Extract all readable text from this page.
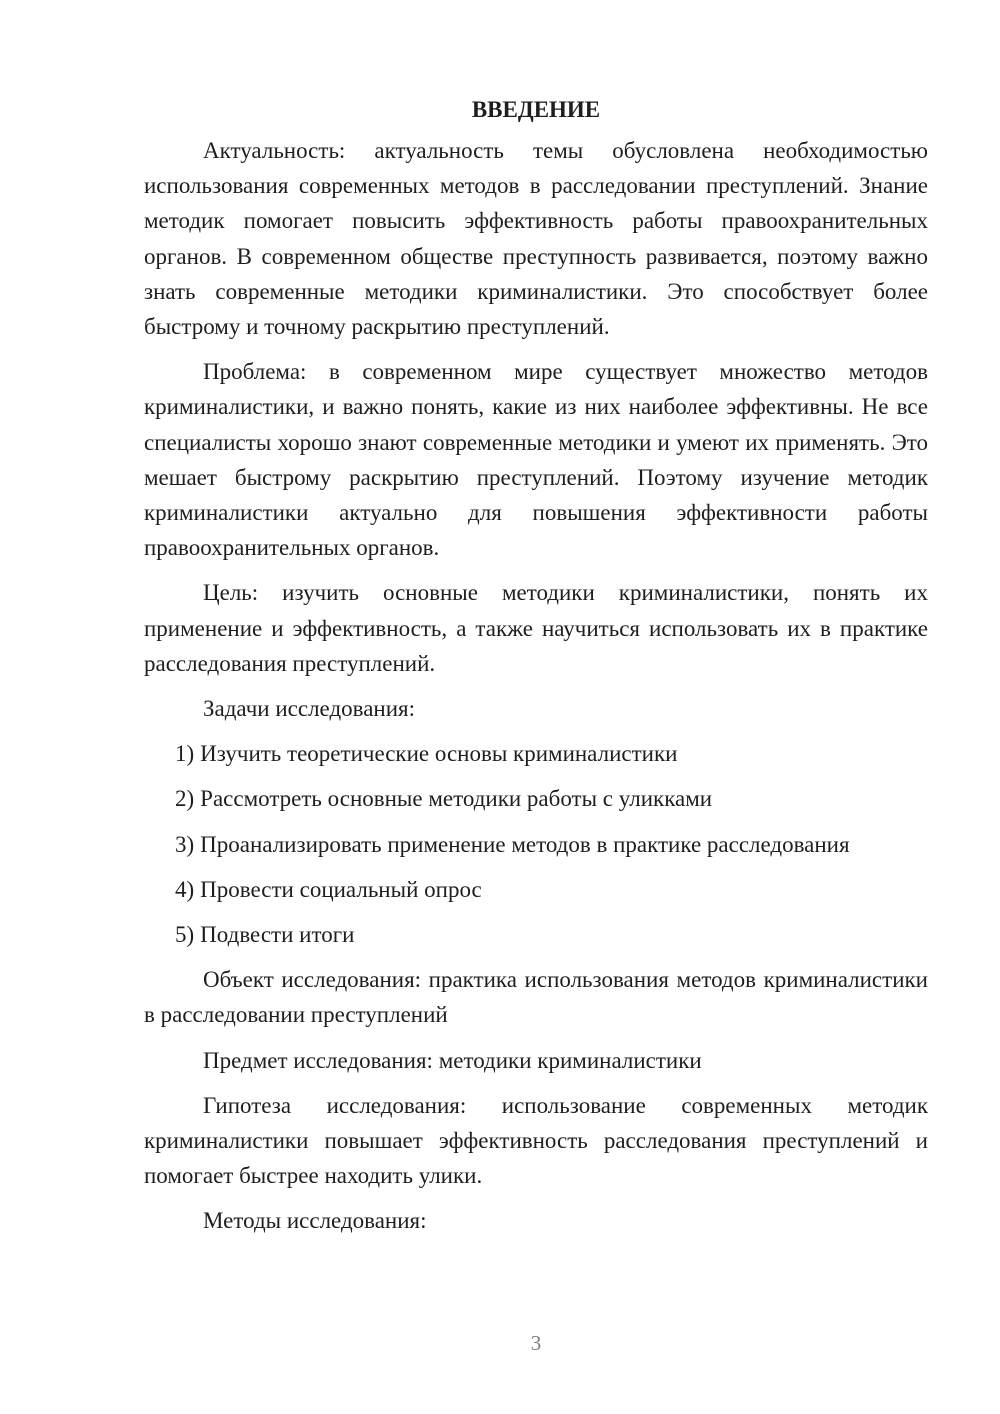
ВВЕДЕНИЕ

Актуальность: актуальность темы обусловлена необходимостью использования современных методов в расследовании преступлений. Знание методик помогает повысить эффективность работы правоохранительных органов. В современном обществе преступность развивается, поэтому важно знать современные методики криминалистики. Это способствует более быстрому и точному раскрытию преступлений.

Проблема: в современном мире существует множество методов криминалистики, и важно понять, какие из них наиболее эффективны. Не все специалисты хорошо знают современные методики и умеют их применять. Это мешает быстрому раскрытию преступлений. Поэтому изучение методик криминалистики актуально для повышения эффективности работы правоохранительных органов.

Цель: изучить основные методики криминалистики, понять их применение и эффективность, а также научиться использовать их в практике расследования преступлений.

Задачи исследования:

1) Изучить теоретические основы криминалистики
2) Рассмотреть основные методики работы с уликками
3) Проанализировать применение методов в практике расследования
4) Провести социальный опрос
5) Подвести итоги

Объект исследования: практика использования методов криминалистики в расследовании преступлений

Предмет исследования: методики криминалистики

Гипотеза исследования: использование современных методик криминалистики повышает эффективность расследования преступлений и помогает быстрее находить улики.

Методы исследования:

3
